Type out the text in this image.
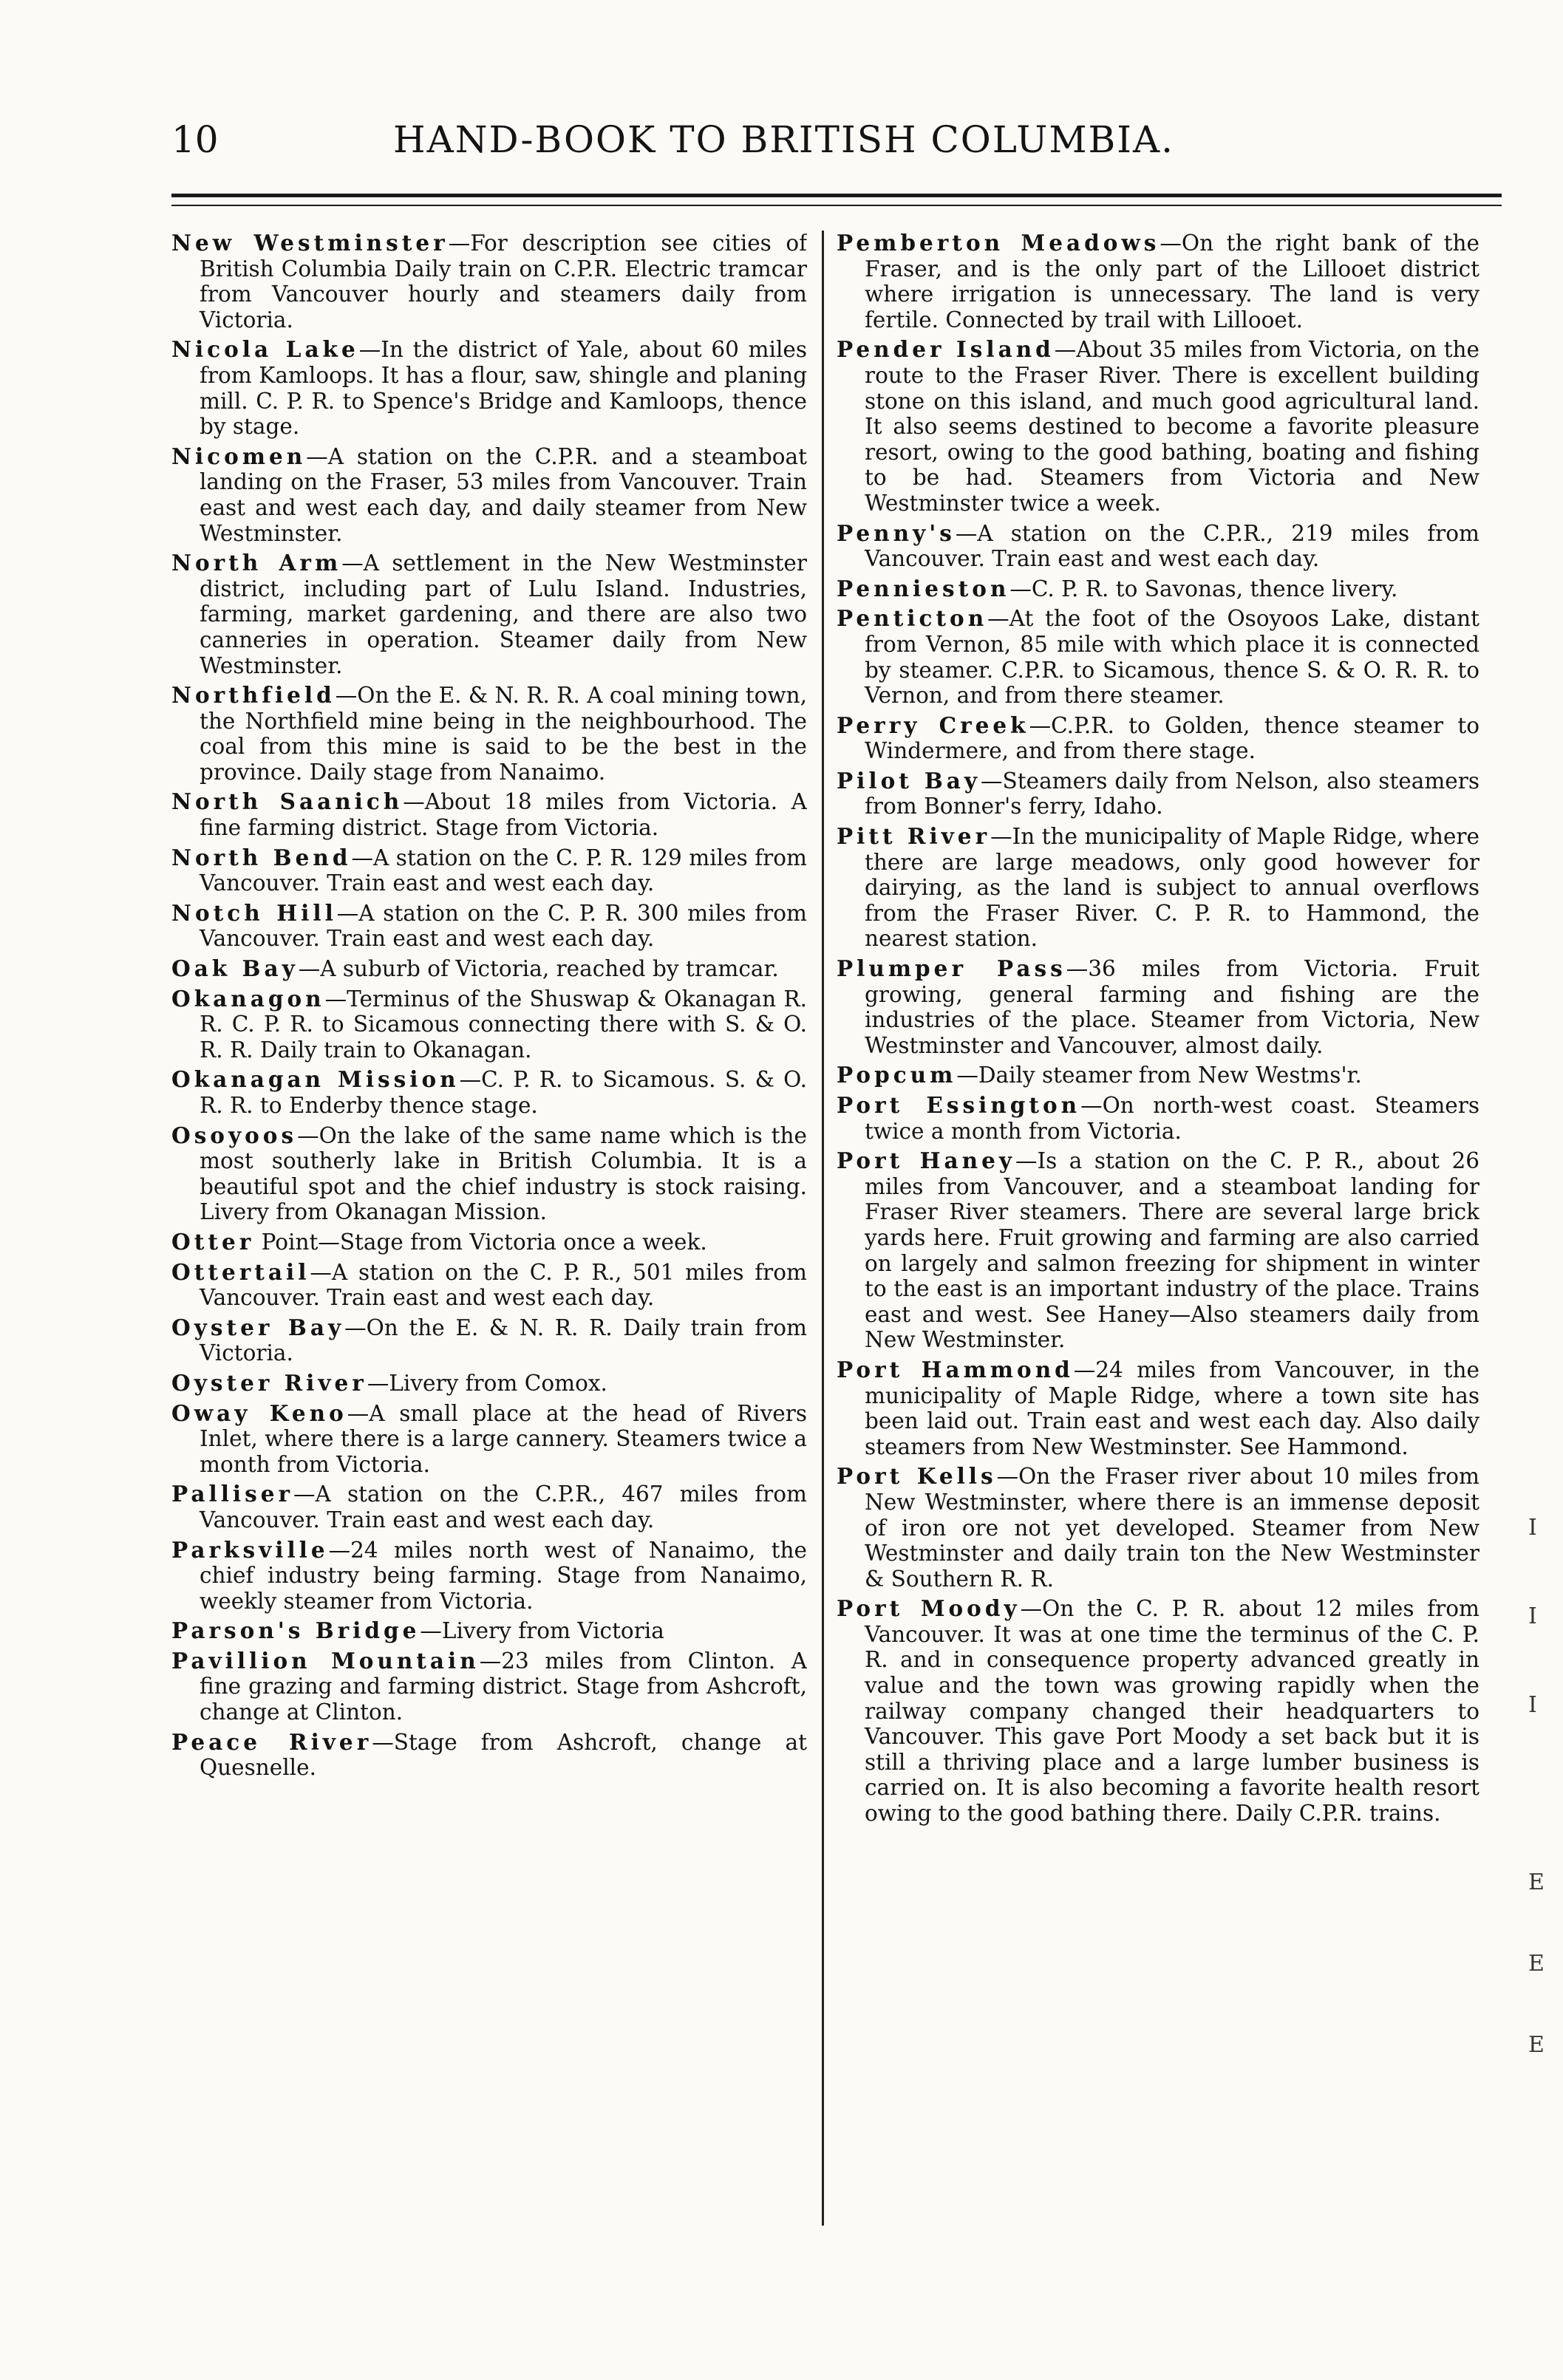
10	HAND-BOOK TO BRITISH COLUMBIA.

New Westminster—For description see cities of British Columbia Daily train on C.P.R. Electric tramcar from Vancouver hourly and steamers daily from Victoria.

Nicola Lake—In the district of Yale, about 60 miles from Kamloops. It has a flour, saw, shingle and planing mill. C. P. R. to Spence's Bridge and Kamloops, thence by stage.

Nicomen—A station on the C.P.R. and a steamboat landing on the Fraser, 53 miles from Vancouver. Train east and west each day, and daily steamer from New Westminster.

North Arm—A settlement in the New Westminster district, including part of Lulu Island. Industries, farming, market gardening, and there are also two canneries in operation. Steamer daily from New Westminster.

Northfield—On the E. & N. R. R. A coal mining town, the Northfield mine being in the neighbourhood. The coal from this mine is said to be the best in the province. Daily stage from Nanaimo.

North Saanich—About 18 miles from Victoria. A fine farming district. Stage from Victoria.

North Bend—A station on the C. P. R. 129 miles from Vancouver. Train east and west each day.

Notch Hill—A station on the C. P. R. 300 miles from Vancouver. Train east and west each day.

Oak Bay—A suburb of Victoria, reached by tramcar.

Okanagon—Terminus of the Shuswap & Okanagan R. R. C. P. R. to Sicamous connecting there with S. & O. R. R. Daily train to Okanagan.

Okanagan Mission—C. P. R. to Sicamous. S. & O. R. R. to Enderby thence stage.

Osoyoos—On the lake of the same name which is the most southerly lake in British Columbia. It is a beautiful spot and the chief industry is stock raising. Livery from Okanagan Mission.

Otter Point—Stage from Victoria once a week.

Ottertail—A station on the C. P. R., 501 miles from Vancouver. Train east and west each day.

Oyster Bay—On the E. & N. R. R. Daily train from Victoria.

Oyster River—Livery from Comox.

Oway Keno—A small place at the head of Rivers Inlet, where there is a large cannery. Steamers twice a month from Victoria.

Palliser—A station on the C.P.R., 467 miles from Vancouver. Train east and west each day.

Parksville—24 miles north west of Nanaimo, the chief industry being farming. Stage from Nanaimo, weekly steamer from Victoria.

Parson's Bridge—Livery from Victoria

Pavillion Mountain—23 miles from Clinton. A fine grazing and farming district. Stage from Ashcroft, change at Clinton.

Peace River—Stage from Ashcroft, change at Quesnelle.

Pemberton Meadows—On the right bank of the Fraser, and is the only part of the Lillooet district where irrigation is unnecessary. The land is very fertile. Connected by trail with Lillooet.

Pender Island—About 35 miles from Victoria, on the route to the Fraser River. There is excellent building stone on this island, and much good agricultural land. It also seems destined to become a favorite pleasure resort, owing to the good bathing, boating and fishing to be had. Steamers from Victoria and New Westminster twice a week.

Penny's—A station on the C.P.R., 219 miles from Vancouver. Train east and west each day.

Pennieston—C. P. R. to Savonas, thence livery.

Penticton—At the foot of the Osoyoos Lake, distant from Vernon, 85 mile with which place it is connected by steamer. C.P.R. to Sicamous, thence S. & O. R. R. to Vernon, and from there steamer.

Perry Creek—C.P.R. to Golden, thence steamer to Windermere, and from there stage.

Pilot Bay—Steamers daily from Nelson, also steamers from Bonner's ferry, Idaho.

Pitt River—In the municipality of Maple Ridge, where there are large meadows, only good however for dairying, as the land is subject to annual overflows from the Fraser River. C. P. R. to Hammond, the nearest station.

Plumper Pass—36 miles from Victoria. Fruit growing, general farming and fishing are the industries of the place. Steamer from Victoria, New Westminster and Vancouver, almost daily.

Popcum—Daily steamer from New Westms'r.

Port Essington—On north-west coast. Steamers twice a month from Victoria.

Port Haney—Is a station on the C. P. R., about 26 miles from Vancouver, and a steamboat landing for Fraser River steamers. There are several large brick yards here. Fruit growing and farming are also carried on largely and salmon freezing for shipment in winter to the east is an important industry of the place. Trains east and west. See Haney—Also steamers daily from New Westminster.

Port Hammond—24 miles from Vancouver, in the municipality of Maple Ridge, where a town site has been laid out. Train east and west each day. Also daily steamers from New Westminster. See Hammond.

Port Kells—On the Fraser river about 10 miles from New Westminster, where there is an immense deposit of iron ore not yet developed. Steamer from New Westminster and daily train ton the New Westminster & Southern R. R.

Port Moody—On the C. P. R. about 12 miles from Vancouver. It was at one time the terminus of the C. P. R. and in consequence property advanced greatly in value and the town was growing rapidly when the railway company changed their headquarters to Vancouver. This gave Port Moody a set back but it is still a thriving place and a large lumber business is carried on. It is also becoming a favorite health resort owing to the good bathing there. Daily C.P.R. trains.

I
I
I
E
E
E
